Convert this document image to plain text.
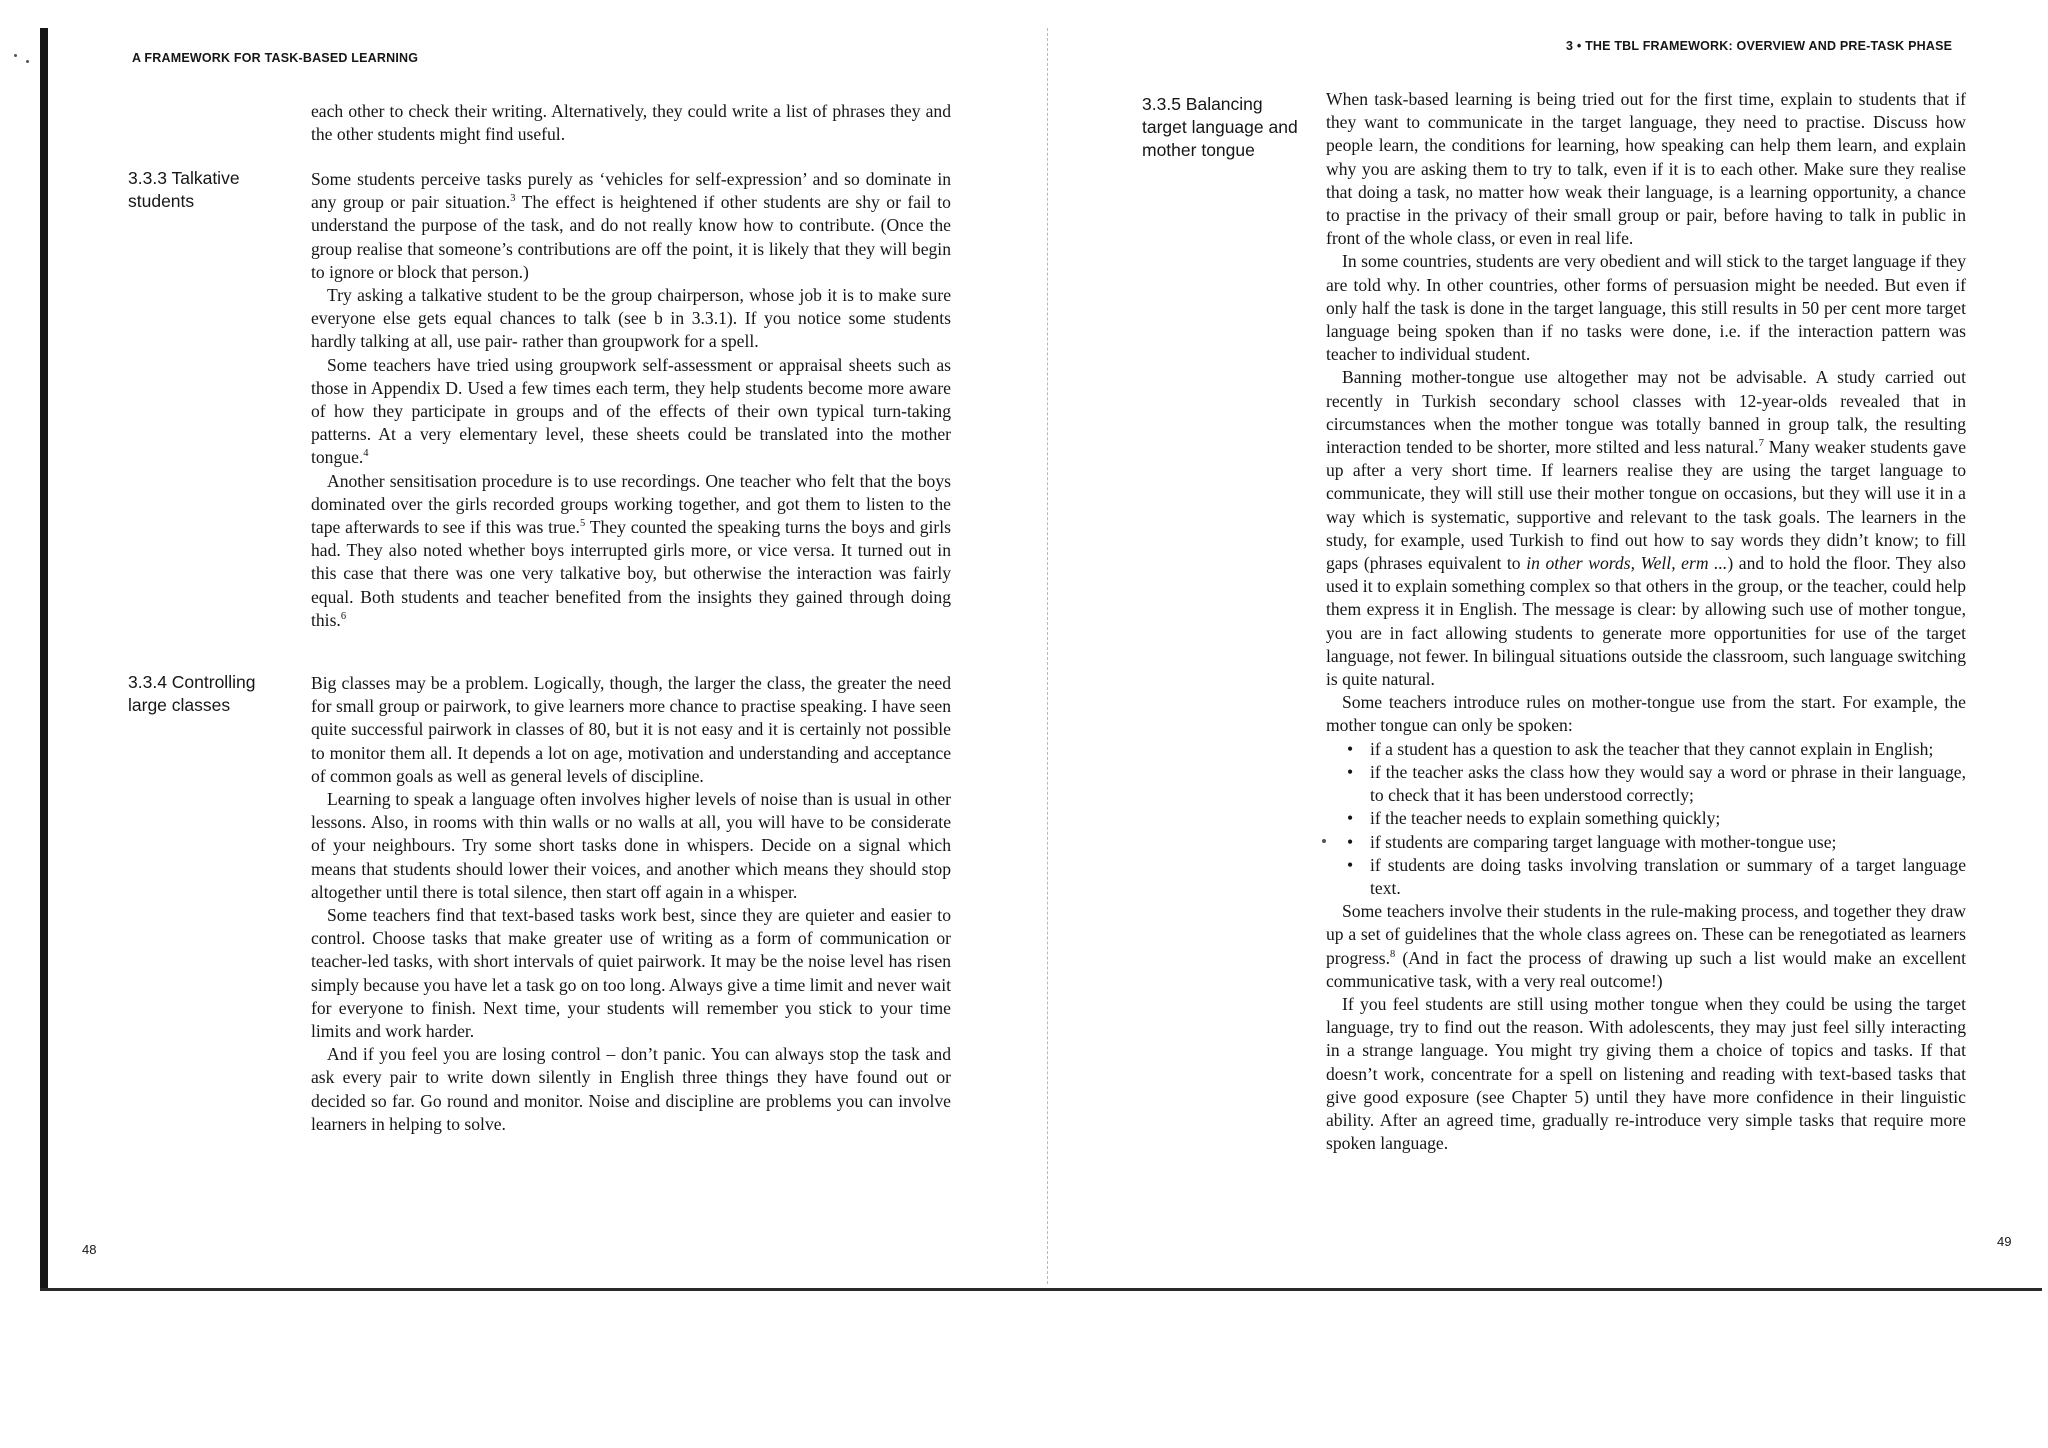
A FRAMEWORK FOR TASK-BASED LEARNING

each other to check their writing. Alternatively, they could write a list of phrases they and the other students might find useful.

3.3.3 Talkative students

Some students perceive tasks purely as ‘vehicles for self-expression’ and so dominate in any group or pair situation.$^3$ The effect is heightened if other students are shy or fail to understand the purpose of the task, and do not really know how to contribute. (Once the group realise that someone’s contributions are off the point, it is likely that they will begin to ignore or block that person.)

Try asking a talkative student to be the group chairperson, whose job it is to make sure everyone else gets equal chances to talk (see b in 3.3.1). If you notice some students hardly talking at all, use pair- rather than groupwork for a spell.

Some teachers have tried using groupwork self-assessment or appraisal sheets such as those in Appendix D. Used a few times each term, they help students become more aware of how they participate in groups and of the effects of their own typical turn-taking patterns. At a very elementary level, these sheets could be translated into the mother tongue.$^4$

Another sensitisation procedure is to use recordings. One teacher who felt that the boys dominated over the girls recorded groups working together, and got them to listen to the tape afterwards to see if this was true.$^5$ They counted the speaking turns the boys and girls had. They also noted whether boys interrupted girls more, or vice versa. It turned out in this case that there was one very talkative boy, but otherwise the interaction was fairly equal. Both students and teacher benefited from the insights they gained through doing this.$^6$

3.3.4 Controlling large classes

Big classes may be a problem. Logically, though, the larger the class, the greater the need for small group or pairwork, to give learners more chance to practise speaking. I have seen quite successful pairwork in classes of 80, but it is not easy and it is certainly not possible to monitor them all. It depends a lot on age, motivation and understanding and acceptance of common goals as well as general levels of discipline.

Learning to speak a language often involves higher levels of noise than is usual in other lessons. Also, in rooms with thin walls or no walls at all, you will have to be considerate of your neighbours. Try some short tasks done in whispers. Decide on a signal which means that students should lower their voices, and another which means they should stop altogether until there is total silence, then start off again in a whisper.

Some teachers find that text-based tasks work best, since they are quieter and easier to control. Choose tasks that make greater use of writing as a form of communication or teacher-led tasks, with short intervals of quiet pairwork. It may be the noise level has risen simply because you have let a task go on too long. Always give a time limit and never wait for everyone to finish. Next time, your students will remember you stick to your time limits and work harder.

And if you feel you are losing control – don’t panic. You can always stop the task and ask every pair to write down silently in English three things they have found out or decided so far. Go round and monitor. Noise and discipline are problems you can involve learners in helping to solve.

48
3 • THE TBL FRAMEWORK: OVERVIEW AND PRE-TASK PHASE
3.3.5 Balancing target language and mother tongue

When task-based learning is being tried out for the first time, explain to students that if they want to communicate in the target language, they need to practise. Discuss how people learn, the conditions for learning, how speaking can help them learn, and explain why you are asking them to try to talk, even if it is to each other. Make sure they realise that doing a task, no matter how weak their language, is a learning opportunity, a chance to practise in the privacy of their small group or pair, before having to talk in public in front of the whole class, or even in real life.

In some countries, students are very obedient and will stick to the target language if they are told why. In other countries, other forms of persuasion might be needed. But even if only half the task is done in the target language, this still results in 50 per cent more target language being spoken than if no tasks were done, i.e. if the interaction pattern was teacher to individual student.

Banning mother-tongue use altogether may not be advisable. A study carried out recently in Turkish secondary school classes with 12-year-olds revealed that in circumstances when the mother tongue was totally banned in group talk, the resulting interaction tended to be shorter, more stilted and less natural.$^7$ Many weaker students gave up after a very short time. If learners realise they are using the target language to communicate, they will still use their mother tongue on occasions, but they will use it in a way which is systematic, supportive and relevant to the task goals. The learners in the study, for example, used Turkish to find out how to say words they didn’t know; to fill gaps (phrases equivalent to in other words, Well, erm ...) and to hold the floor. They also used it to explain something complex so that others in the group, or the teacher, could help them express it in English. The message is clear: by allowing such use of mother tongue, you are in fact allowing students to generate more opportunities for use of the target language, not fewer. In bilingual situations outside the classroom, such language switching is quite natural.

Some teachers introduce rules on mother-tongue use from the start. For example, the mother tongue can only be spoken:

• if a student has a question to ask the teacher that they cannot explain in English;
• if the teacher asks the class how they would say a word or phrase in their language, to check that it has been understood correctly;
• if the teacher needs to explain something quickly;
• if students are comparing target language with mother-tongue use;
• if students are doing tasks involving translation or summary of a target language text.

Some teachers involve their students in the rule-making process, and together they draw up a set of guidelines that the whole class agrees on. These can be renegotiated as learners progress.$^8$ (And in fact the process of drawing up such a list would make an excellent communicative task, with a very real outcome!)

If you feel students are still using mother tongue when they could be using the target language, try to find out the reason. With adolescents, they may just feel silly interacting in a strange language. You might try giving them a choice of topics and tasks. If that doesn’t work, concentrate for a spell on listening and reading with text-based tasks that give good exposure (see Chapter 5) until they have more confidence in their linguistic ability. After an agreed time, gradually re-introduce very simple tasks that require more spoken language.

49
